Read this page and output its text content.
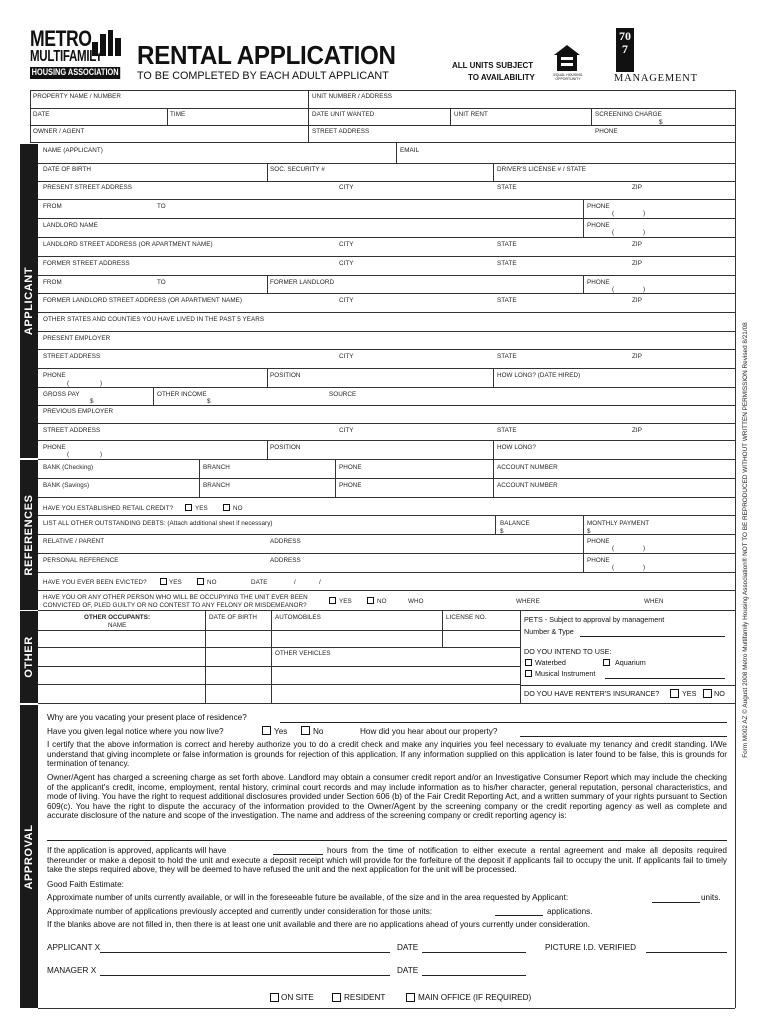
METRO
MULTIFAMILY
HOUSING ASSOCIATION
RENTAL APPLICATION
TO BE COMPLETED BY EACH ADULT APPLICANT
ALL UNITS SUBJECT
TO AVAILABILITY	EQUAL HOUSING OPPORTUNITY
707
MANAGEMENT
APPLICANT
REFERENCES
OTHER
APPROVAL
PROPERTY NAME / NUMBER	UNIT NUMBER / ADDRESS
DATE	TIME	DATE UNIT WANTED	UNIT RENT	SCREENING CHARGE
$
OWNER / AGENT	STREET ADDRESS	PHONE
NAME (APPLICANT)	EMAIL
DATE OF BIRTH	SOC. SECURITY #	DRIVER'S LICENSE # / STATE
PRESENT STREET ADDRESS	CITY	STATE	ZIP
FROM	TO	PHONE
(	)
LANDLORD NAME	PHONE
(	)
LANDLORD STREET ADDRESS (OR APARTMENT NAME)	CITY	STATE	ZIP
FORMER STREET ADDRESS	CITY	STATE	ZIP
FROM	TO	FORMER LANDLORD	PHONE
(	)
FORMER LANDLORD STREET ADDRESS (OR APARTMENT NAME)	CITY	STATE	ZIP
OTHER STATES AND COUNTIES YOU HAVE LIVED IN THE PAST 5 YEARS
PRESENT EMPLOYER
STREET ADDRESS	CITY	STATE	ZIP
PHONE
(	)
POSITION	HOW LONG? (DATE HIRED)
GROSS PAY
$
OTHER INCOME
$
SOURCE
PREVIOUS EMPLOYER
STREET ADDRESS	CITY	STATE	ZIP
PHONE
(	)
POSITION	HOW LONG?
BANK (Checking)	BRANCH	PHONE	ACCOUNT NUMBER
BANK (Savings)	BRANCH	PHONE	ACCOUNT NUMBER
HAVE YOU ESTABLISHED RETAIL CREDIT?	YES	NO
LIST ALL OTHER OUTSTANDING DEBTS: (Attach additional sheet if necessary)	BALANCE
$
MONTHLY PAYMENT
$
RELATIVE / PARENT	ADDRESS	PHONE
(	)
PERSONAL REFERENCE	ADDRESS	PHONE
(	)
HAVE YOU EVER BEEN EVICTED?	YES	NO	DATE	/	/
HAVE YOU OR ANY OTHER PERSON WHO WILL BE OCCUPYING THE UNIT EVER BEEN
CONVICTED OF, PLED GUILTY OR NO CONTEST TO ANY FELONY OR MISDEMEANOR?
YES	NO	WHO	WHERE	WHEN
OTHER OCCUPANTS:
NAME
DATE OF BIRTH	AUTOMOBILES	LICENSE NO.
OTHER VEHICLES
PETS - Subject to approval by management
Number & Type
DO YOU INTEND TO USE:
Waterbed	Aquarium
Musical Instrument
DO YOU HAVE RENTER'S INSURANCE?	YES NO
Why are you vacating your present place of residence?
Have you given legal notice where you now live?	Yes	No	How did you hear about our property?
I certify that the above information is correct and hereby authorize you to do a credit check and make any inquiries you feel necessary to evaluate my tenancy and credit standing. I/We understand that giving incomplete or false information is grounds for rejection of this application. If any information supplied on this application is later found to be false, this is grounds for termination of tenancy.
Owner/Agent has charged a screening charge as set forth above. Landlord may obtain a consumer credit report and/or an Investigative Consumer Report which may include the checking of the applicant's credit, income, employment, rental history, criminal court records and may include information as to his/her character, general reputation, personal characteristics, and mode of living. You have the right to request additional disclosures provided under Section 606 (b) of the Fair Credit Reporting Act, and a written summary of your rights pursuant to Section 609(c). You have the right to dispute the accuracy of the information provided to the Owner/Agent by the screening company or the credit reporting agency as well as complete and accurate disclosure of the nature and scope of the investigation. The name and address of the screening company or credit reporting agency is:
If the application is approved, applicants will have	hours from the time of notification to either execute a rental agreement and make all deposits required thereunder or make a deposit to hold the unit and execute a deposit receipt which will provide for the forfeiture of the deposit if applicants fail to occupy the unit. If applicants fail to timely take the steps required above, they will be deemed to have refused the unit and the next application for the unit will be processed.
Good Faith Estimate:
Approximate number of units currently available, or will in the foreseeable future be available, of the size and in the area requested by Applicant:	units.
Approximate number of applications previously accepted and currently under consideration for those units:	applications.
If the blanks above are not filled in, then there is at least one unit available and there are no applications ahead of yours currently under consideration.
APPLICANT X	DATE	PICTURE I.D. VERIFIED
MANAGER X	DATE
ON SITE	RESIDENT	MAIN OFFICE (IF REQUIRED)
Form M002 AZ © August 2008 Metro Multifamily Housing Association® NOT TO BE REPRODUCED WITHOUT WRITTEN PERMISSION Revised 8/21/08
